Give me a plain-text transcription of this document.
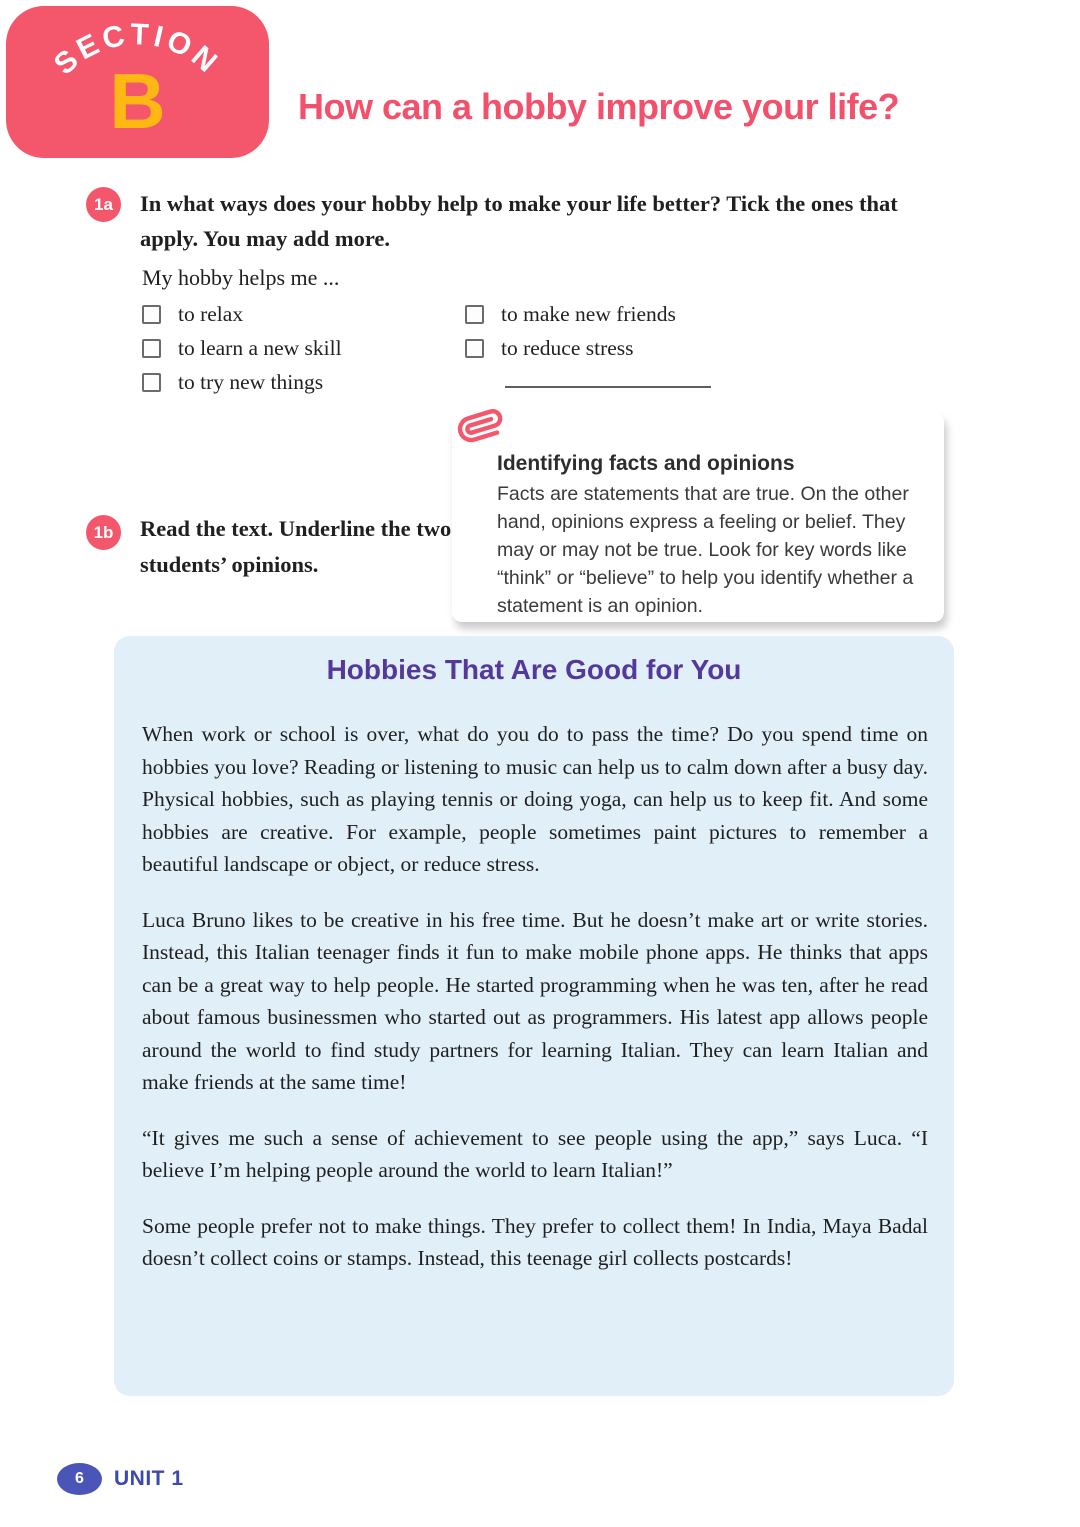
SECTION
B	How can a hobby improve your life?
1a	In what ways does your hobby help to make your life better? Tick the ones that apply. You may add more.

My hobby helps me ...

to relax
to learn a new skill
to try new things
to make new friends
to reduce stress
Identifying facts and opinions
Facts are statements that are true. On the other hand, opinions express a feeling or belief. They may or may not be true. Look for key words like “think” or “believe” to help you identify whether a statement is an opinion.
1b	Read the text. Underline the two students’ opinions.

Hobbies That Are Good for You

When work or school is over, what do you do to pass the time? Do you spend time on hobbies you love? Reading or listening to music can help us to calm down after a busy day. Physical hobbies, such as playing tennis or doing yoga, can help us to keep fit. And some hobbies are creative. For example, people sometimes paint pictures to remember a beautiful landscape or object, or reduce stress.

Luca Bruno likes to be creative in his free time. But he doesn’t make art or write stories. Instead, this Italian teenager finds it fun to make mobile phone apps. He thinks that apps can be a great way to help people. He started programming when he was ten, after he read about famous businessmen who started out as programmers. His latest app allows people around the world to find study partners for learning Italian. They can learn Italian and make friends at the same time!

“It gives me such a sense of achievement to see people using the app,” says Luca. “I believe I’m helping people around the world to learn Italian!”

Some people prefer not to make things. They prefer to collect them! In India, Maya Badal doesn’t collect coins or stamps. Instead, this teenage girl collects postcards!

6	UNIT 1
